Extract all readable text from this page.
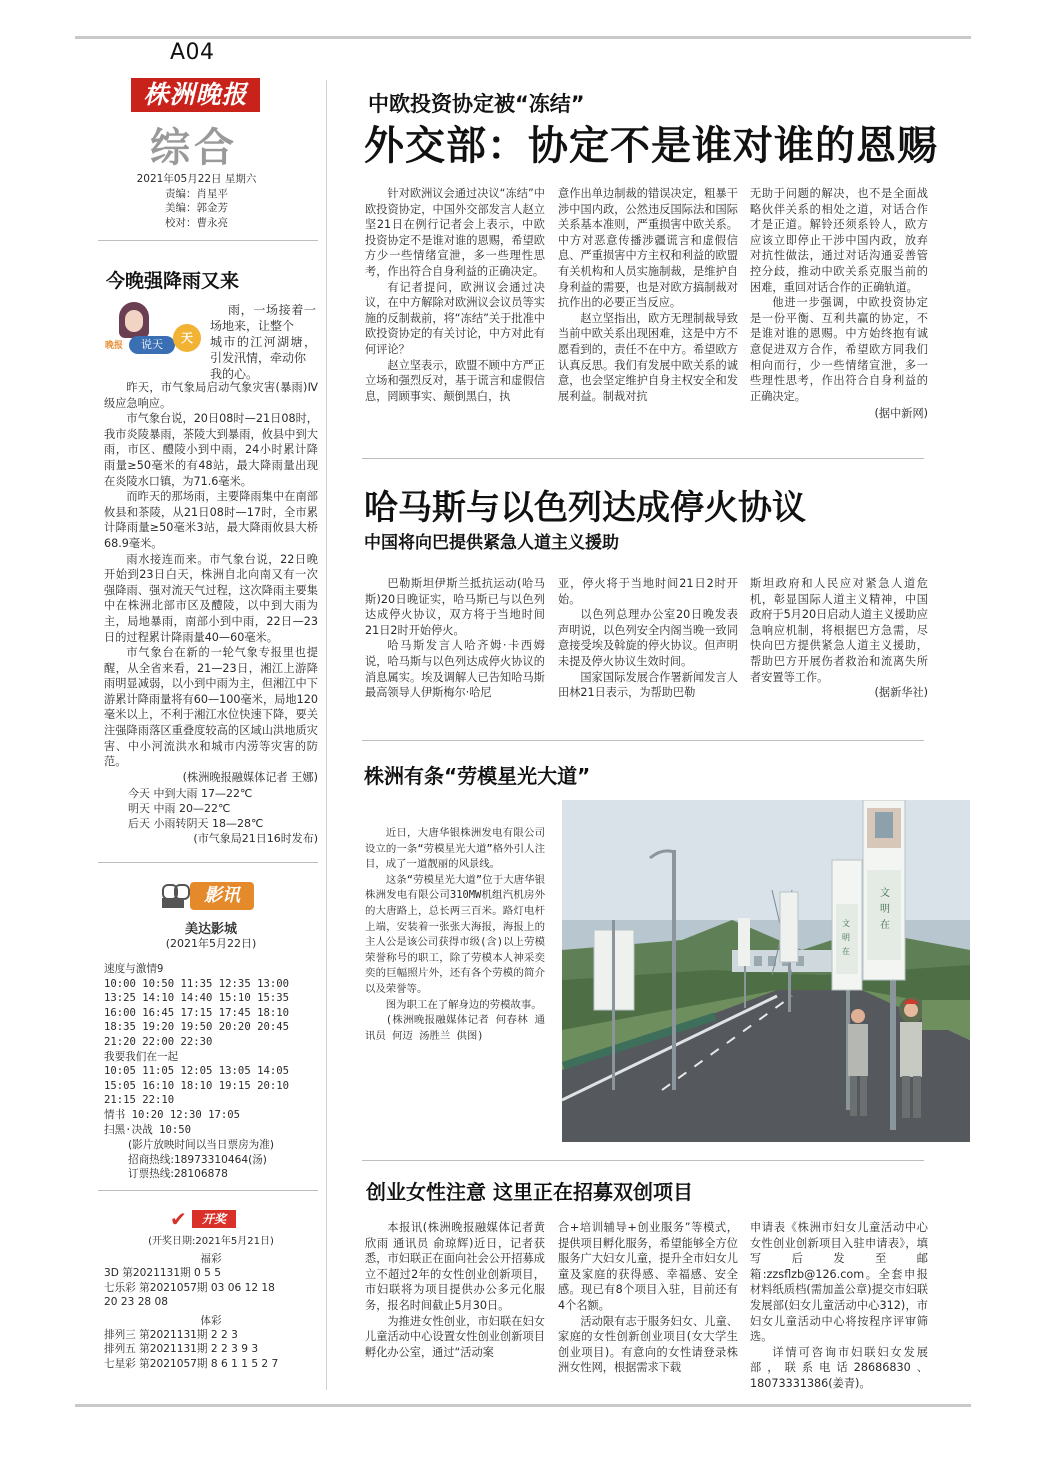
A04
株洲晚报
综合
2021年05月22日 星期六
责编：肖星平
美编：郭金芳
校对：曹永亮
今晚强降雨又来
晚报	说天	天

雨，一场接着一场地来，让整个

城市的江河湖塘，引发汛情，牵动你

我的心。

昨天，市气象局启动气象灾害(暴雨)Ⅳ级应急响应。

市气象台说，20日08时—21日08时，我市炎陵暴雨，茶陵大到暴雨，攸县中到大雨，市区、醴陵小到中雨，24小时累计降雨量≥50毫米的有48站，最大降雨量出现在炎陵水口镇，为71.6毫米。

而昨天的那场雨，主要降雨集中在南部攸县和茶陵，从21日08时—17时，全市累计降雨量≥50毫米3站，最大降雨攸县大桥68.9毫米。

雨水接连而来。市气象台说，22日晚开始到23日白天，株洲自北向南又有一次强降雨、强对流天气过程，这次降雨主要集中在株洲北部市区及醴陵，以中到大雨为主，局地暴雨，南部小到中雨，22日—23日的过程累计降雨量40—60毫米。

市气象台在新的一轮气象专报里也提醒，从全省来看，21—23日，湘江上游降雨明显减弱，以小到中雨为主，但湘江中下游累计降雨量将有60—100毫米，局地120毫米以上，不利于湘江水位快速下降，要关注强降雨落区重叠度较高的区域山洪地质灾害、中小河流洪水和城市内涝等灾害的防范。

(株洲晚报融媒体记者 王娜)

今天 中到大雨 17—22℃
明天 中雨 20—22℃
后天 小雨转阴天 18—28℃
(市气象局21日16时发布)
影讯
美达影城
(2021年5月22日)

速度与激情9

10:00 10:50 11:35 12:35 13:00

13:25 14:10 14:40 15:10 15:35

16:00 16:45 17:15 17:45 18:10

18:35 19:20 19:50 20:20 20:45

21:20 22:00 22:30

我要我们在一起

10:05 11:05 12:05 13:05 14:05

15:05 16:10 18:10 19:15 20:10

21:15 22:10

情书 10:20 12:30 17:05

扫黑·决战 10:50

(影片放映时间以当日票房为准)
招商热线:18973310464(汤)
订票热线:28106878
✔	开奖
(开奖日期:2021年5月21日)
福彩
3D 第2021131期 0 5 5
七乐彩 第2021057期 03 06 12 18
20 23 28 08
体彩
排列三 第2021131期 2 2 3
排列五 第2021131期 2 2 3 9 3
七星彩 第2021057期 8 6 1 1 5 2 7
中欧投资协定被“冻结”
外交部：协定不是谁对谁的恩赐

针对欧洲议会通过决议“冻结”中欧投资协定，中国外交部发言人赵立坚21日在例行记者会上表示，中欧投资协定不是谁对谁的恩赐，希望欧方少一些情绪宣泄，多一些理性思考，作出符合自身利益的正确决定。

有记者提问，欧洲议会通过决议，在中方解除对欧洲议会议员等实施的反制裁前，将“冻结”关于批准中欧投资协定的有关讨论，中方对此有何评论？

赵立坚表示，欧盟不顾中方严正立场和强烈反对，基于谎言和虚假信息，罔顾事实、颠倒黑白，执

意作出单边制裁的错误决定，粗暴干涉中国内政，公然违反国际法和国际关系基本准则，严重损害中欧关系。中方对恶意传播涉疆谎言和虚假信息、严重损害中方主权和利益的欧盟有关机构和人员实施制裁，是维护自身利益的需要，也是对欧方搞制裁对抗作出的必要正当反应。

赵立坚指出，欧方无理制裁导致当前中欧关系出现困难，这是中方不愿看到的，责任不在中方。希望欧方认真反思。我们有发展中欧关系的诚意，也会坚定维护自身主权安全和发展利益。制裁对抗

无助于问题的解决，也不是全面战略伙伴关系的相处之道，对话合作才是正道。解铃还须系铃人，欧方应该立即停止干涉中国内政，放弃对抗性做法，通过对话沟通妥善管控分歧，推动中欧关系克服当前的困难，重回对话合作的正确轨道。

他进一步强调，中欧投资协定是一份平衡、互利共赢的协定，不是谁对谁的恩赐。中方始终抱有诚意促进双方合作，希望欧方同我们相向而行，少一些情绪宣泄，多一些理性思考，作出符合自身利益的正确决定。

(据中新网)

哈马斯与以色列达成停火协议
中国将向巴提供紧急人道主义援助

巴勒斯坦伊斯兰抵抗运动(哈马斯)20日晚证实，哈马斯已与以色列达成停火协议，双方将于当地时间21日2时开始停火。

哈马斯发言人哈齐姆·卡西姆说，哈马斯与以色列达成停火协议的消息属实。埃及调解人已告知哈马斯最高领导人伊斯梅尔·哈尼

亚，停火将于当地时间21日2时开始。

以色列总理办公室20日晚发表声明说，以色列安全内阁当晚一致同意接受埃及斡旋的停火协议。但声明未提及停火协议生效时间。

国家国际发展合作署新闻发言人田林21日表示，为帮助巴勒

斯坦政府和人民应对紧急人道危机，彰显国际人道主义精神，中国政府于5月20日启动人道主义援助应急响应机制，将根据巴方急需，尽快向巴方提供紧急人道主义援助，帮助巴方开展伤者救治和流离失所者安置等工作。

(据新华社)

株洲有条“劳模星光大道”

近日，大唐华银株洲发电有限公司设立的一条“劳模星光大道”格外引人注目，成了一道靓丽的风景线。

这条“劳模星光大道”位于大唐华银株洲发电有限公司310MW机组汽机房外的大唐路上，总长两三百米。路灯电杆上端，安装着一张张大海报，海报上的主人公是该公司获得市级(含)以上劳模荣誉称号的职工，除了劳模本人神采奕奕的巨幅照片外，还有各个劳模的简介以及荣誉等。

图为职工在了解身边的劳模故事。

(株洲晚报融媒体记者 何春林 通讯员 何迈 汤胜兰 供图)

文
明
在
文
明
在
创业女性注意 这里正在招募双创项目

本报讯(株洲晚报融媒体记者黄欣雨 通讯员 俞琼辉)近日，记者获悉，市妇联正在面向社会公开招募成立不超过2年的女性创业创新项目，市妇联将为项目提供办公多元化服务，报名时间截止5月30日。

为推进女性创业，市妇联在妇女儿童活动中心设置女性创业创新项目孵化办公室，通过“活动案

合+培训辅导+创业服务”等模式，提供项目孵化服务，希望能够全方位服务广大妇女儿童，提升全市妇女儿童及家庭的获得感、幸福感、安全感。现已有8个项目入驻，目前还有4个名额。

活动限有志于服务妇女、儿童、家庭的女性创新创业项目(女大学生创业项目)。有意向的女性请登录株洲女性网，根据需求下载

申请表《株洲市妇女儿童活动中心女性创业创新项目入驻申请表》，填写后发至邮箱:zzsflzb@126.com。全套申报材料纸质档(需加盖公章)提交市妇联发展部(妇女儿童活动中心312)，市妇女儿童活动中心将按程序评审筛选。

详情可咨询市妇联妇女发展部，联系电话28686830、18073331386(姜青)。
